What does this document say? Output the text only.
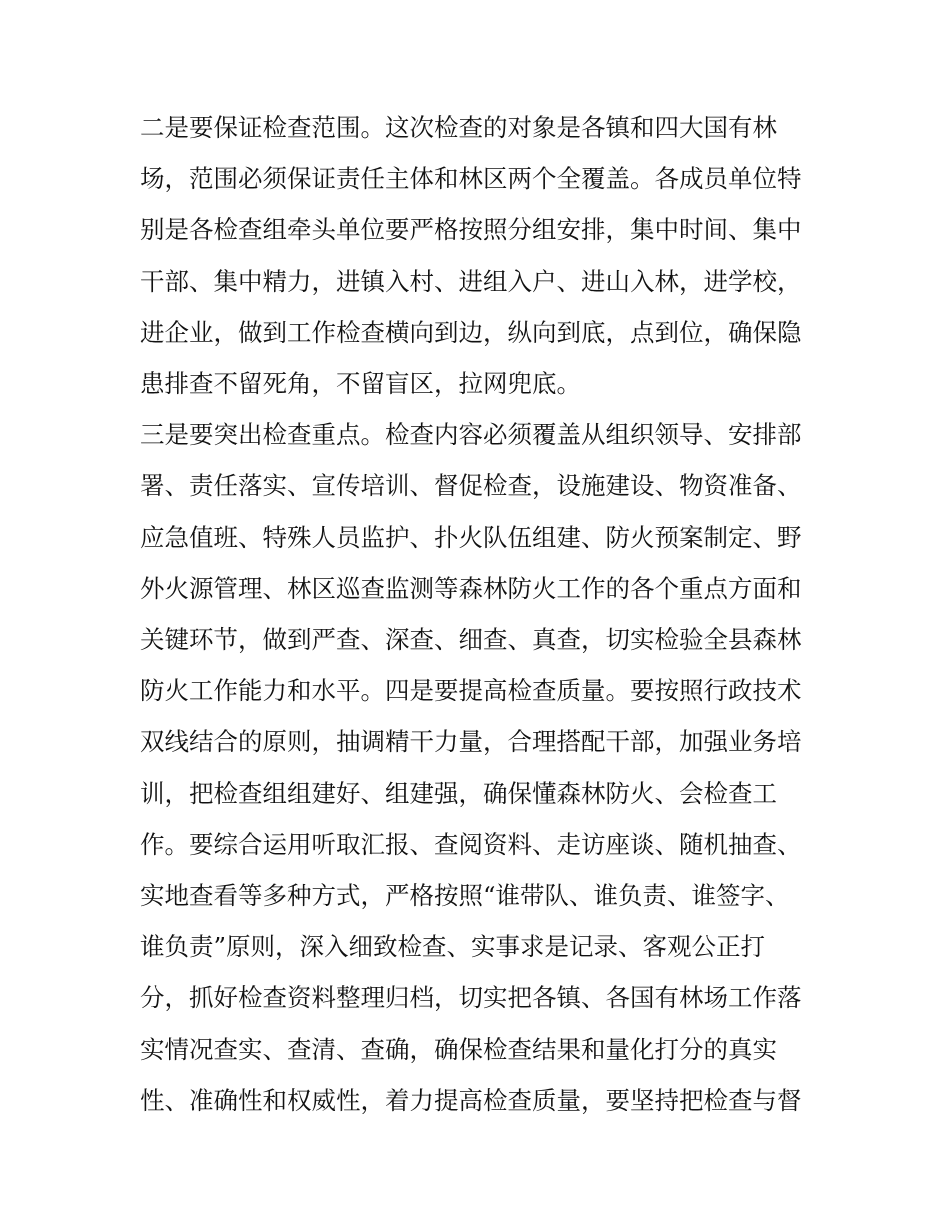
二是要保证检查范围。这次检查的对象是各镇和四大国有林
场，范围必须保证责任主体和林区两个全覆盖。各成员单位特
别是各检查组牵头单位要严格按照分组安排，集中时间、集中
干部、集中精力，进镇入村、进组入户、进山入林，进学校，
进企业，做到工作检查横向到边，纵向到底，点到位，确保隐
患排查不留死角，不留盲区，拉网兜底。
三是要突出检查重点。检查内容必须覆盖从组织领导、安排部
署、责任落实、宣传培训、督促检查，设施建设、物资准备、
应急值班、特殊人员监护、扑火队伍组建、防火预案制定、野
外火源管理、林区巡查监测等森林防火工作的各个重点方面和
关键环节，做到严查、深查、细查、真查，切实检验全县森林
防火工作能力和水平。四是要提高检查质量。要按照行政技术
双线结合的原则，抽调精干力量，合理搭配干部，加强业务培
训，把检查组组建好、组建强，确保懂森林防火、会检查工
作。要综合运用听取汇报、查阅资料、走访座谈、随机抽查、
实地查看等多种方式，严格按照“谁带队、谁负责、谁签字、
谁负责”原则，深入细致检查、实事求是记录、客观公正打
分，抓好检查资料整理归档，切实把各镇、各国有林场工作落
实情况查实、查清、查确，确保检查结果和量化打分的真实
性、准确性和权威性，着力提高检查质量，要坚持把检查与督
